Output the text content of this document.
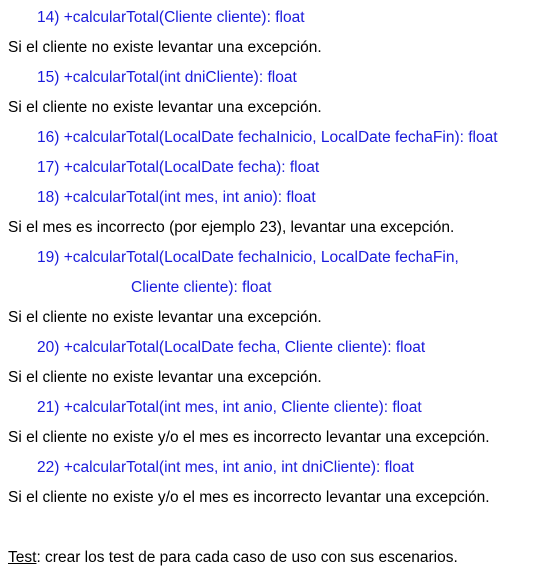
14) +calcularTotal(Cliente cliente): float
Si el cliente no existe levantar una excepción.
15) +calcularTotal(int dniCliente): float
Si el cliente no existe levantar una excepción.
16) +calcularTotal(LocalDate fechaInicio, LocalDate fechaFin): float
17) +calcularTotal(LocalDate fecha): float
18) +calcularTotal(int mes, int anio): float
Si el mes es incorrecto (por ejemplo 23), levantar una excepción.
19) +calcularTotal(LocalDate fechaInicio, LocalDate fechaFin,
Cliente cliente): float
Si el cliente no existe levantar una excepción.
20) +calcularTotal(LocalDate fecha, Cliente cliente): float
Si el cliente no existe levantar una excepción.
21) +calcularTotal(int mes, int anio, Cliente cliente): float
Si el cliente no existe y/o el mes es incorrecto levantar una excepción.
22) +calcularTotal(int mes, int anio, int dniCliente): float
Si el cliente no existe y/o el mes es incorrecto levantar una excepción.
Test: crear los test de para cada caso de uso con sus escenarios.
